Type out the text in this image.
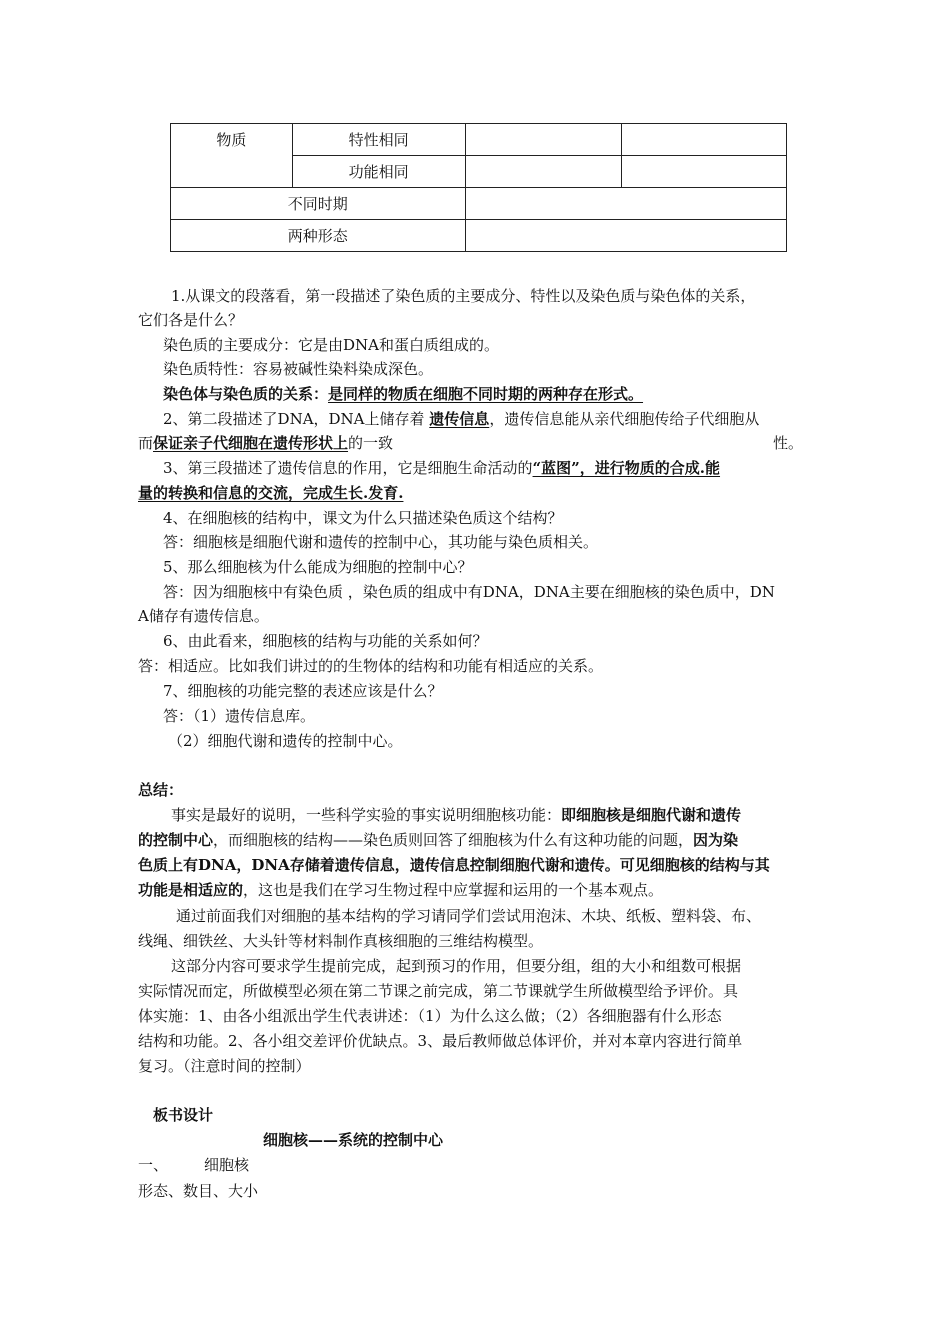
物质	特性相同		
	功能相同		
不同时期			
两种形态			
1.从课文的段落看，第一段描述了染色质的主要成分、特性以及染色质与染色体的关系，
它们各是什么？
染色质的主要成分：它是由DNA和蛋白质组成的。
染色质特性：容易被碱性染料染成深色。
染色体与染色质的关系：是同样的物质在细胞不同时期的两种存在形式。
2、第二段描述了DNA，DNA上储存着 遗传信息，遗传信息能从亲代细胞传给子代细胞从
而保证亲子代细胞在遗传形状上的一致	性。
3、第三段描述了遗传信息的作用，它是细胞生命活动的“蓝图”，进行物质的合成.能
量的转换和信息的交流，完成生长.发育.
4、在细胞核的结构中，课文为什么只描述染色质这个结构？
答：细胞核是细胞代谢和遗传的控制中心，其功能与染色质相关。
5、那么细胞核为什么能成为细胞的控制中心？
答：因为细胞核中有染色质 ，染色质的组成中有DNA，DNA主要在细胞核的染色质中，DN
A储存有遗传信息。
6、由此看来，细胞核的结构与功能的关系如何？
答：相适应。比如我们讲过的的生物体的结构和功能有相适应的关系。
7、细胞核的功能完整的表述应该是什么？
答：（1）遗传信息库。
（2）细胞代谢和遗传的控制中心。
总结：
事实是最好的说明，一些科学实验的事实说明细胞核功能：即细胞核是细胞代谢和遗传
的控制中心，而细胞核的结构——染色质则回答了细胞核为什么有这种功能的问题，因为染
色质上有DNA，DNA存储着遗传信息，遗传信息控制细胞代谢和遗传。可见细胞核的结构与其
功能是相适应的，这也是我们在学习生物过程中应掌握和运用的一个基本观点。
通过前面我们对细胞的基本结构的学习请同学们尝试用泡沫、木块、纸板、塑料袋、布、
线绳、细铁丝、大头针等材料制作真核细胞的三维结构模型。
这部分内容可要求学生提前完成，起到预习的作用，但要分组，组的大小和组数可根据
实际情况而定，所做模型必须在第二节课之前完成，第二节课就学生所做模型给予评价。具
体实施：1、由各小组派出学生代表讲述：（1）为什么这么做；（2）各细胞器有什么形态
结构和功能。2、各小组交差评价优缺点。3、最后教师做总体评价，并对本章内容进行简单
复习。（注意时间的控制）
板书设计
细胞核——系统的控制中心
一、 细胞核
形态、数目、大小
